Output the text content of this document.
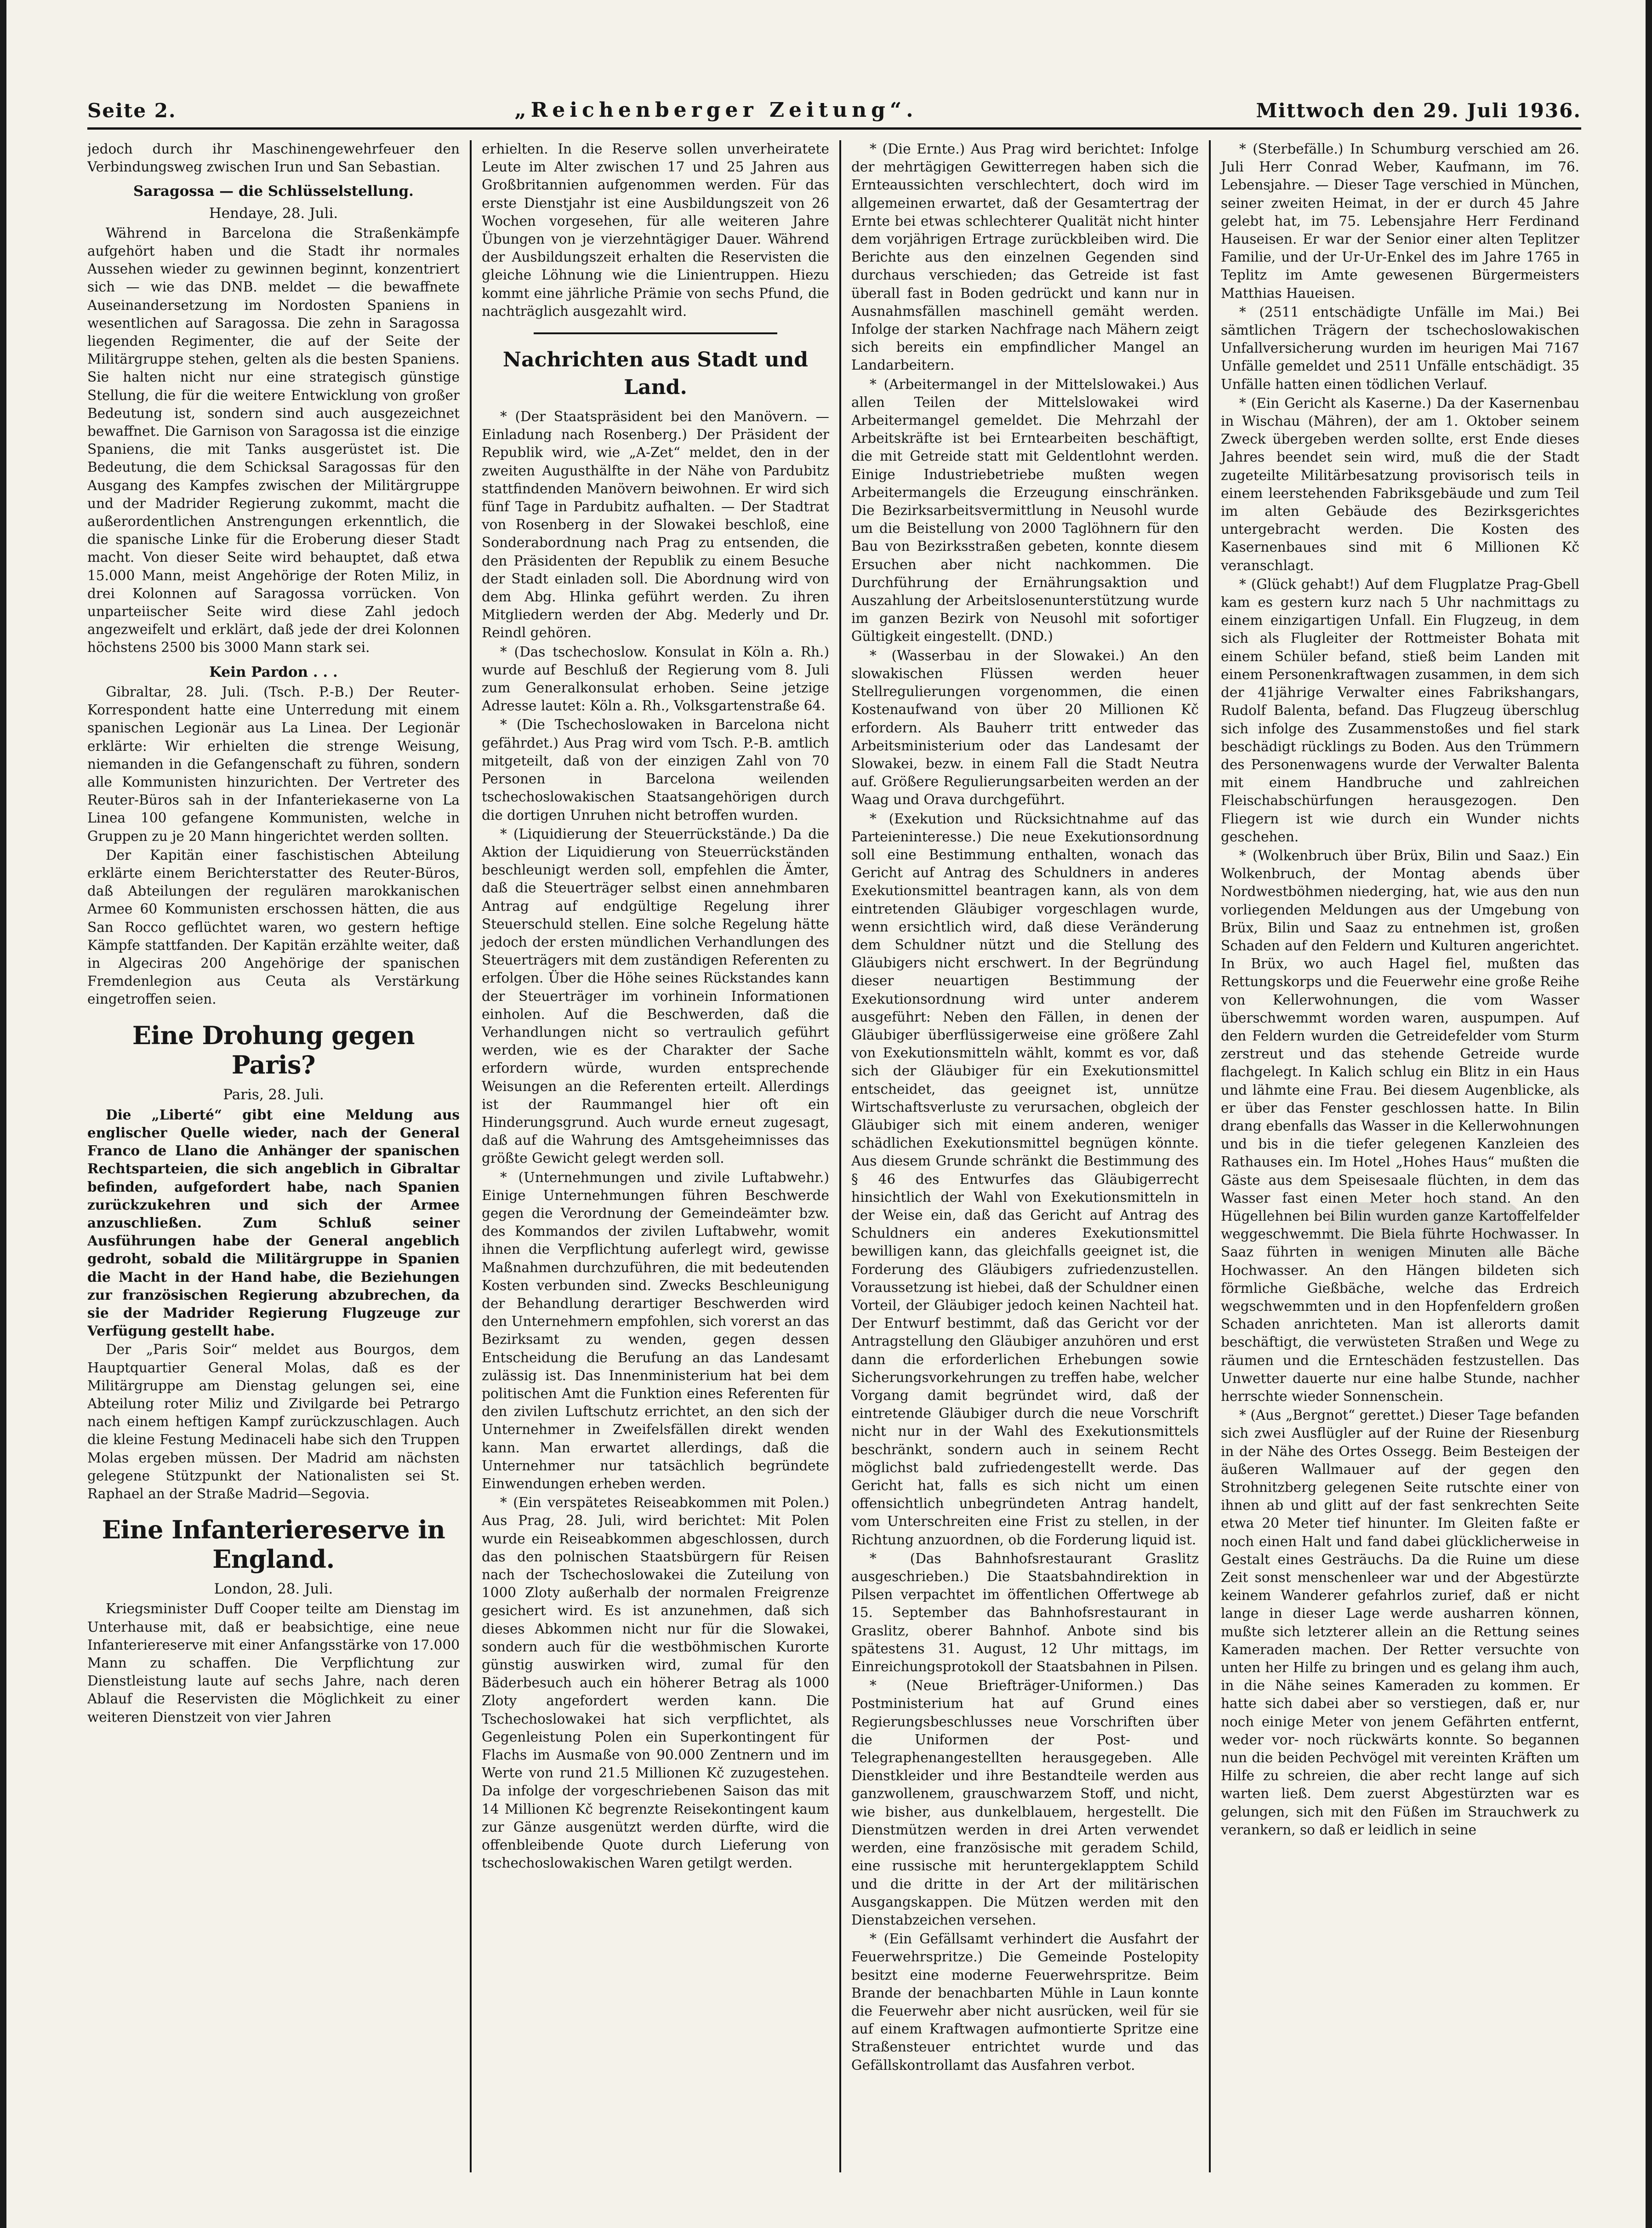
Seite 2.	„Reichenberger Zeitung“.	Mittwoch den 29. Juli 1936.

jedoch durch ihr Maschinengewehrfeuer den Verbindungsweg zwischen Irun und San Sebastian.

Saragossa — die Schlüsselstellung.
Hendaye, 28. Juli.

Während in Barcelona die Straßenkämpfe aufgehört haben und die Stadt ihr normales Aussehen wieder zu gewinnen beginnt, konzentriert sich — wie das DNB. meldet — die bewaffnete Auseinandersetzung im Nordosten Spaniens in wesentlichen auf Saragossa. Die zehn in Saragossa liegenden Regimenter, die auf der Seite der Militärgruppe stehen, gelten als die besten Spaniens. Sie halten nicht nur eine strategisch günstige Stellung, die für die weitere Entwicklung von großer Bedeutung ist, sondern sind auch ausgezeichnet bewaffnet. Die Garnison von Saragossa ist die einzige Spaniens, die mit Tanks ausgerüstet ist. Die Bedeutung, die dem Schicksal Saragossas für den Ausgang des Kampfes zwischen der Militärgruppe und der Madrider Regierung zukommt, macht die außerordentlichen Anstrengungen erkenntlich, die die spanische Linke für die Eroberung dieser Stadt macht. Von dieser Seite wird behauptet, daß etwa 15.000 Mann, meist Angehörige der Roten Miliz, in drei Kolonnen auf Saragossa vorrücken. Von unparteiischer Seite wird diese Zahl jedoch angezweifelt und erklärt, daß jede der drei Kolonnen höchstens 2500 bis 3000 Mann stark sei.

Kein Pardon . . .

Gibraltar, 28. Juli. (Tsch. P.-B.) Der Reuter-Korrespondent hatte eine Unterredung mit einem spanischen Legionär aus La Linea. Der Legionär erklärte: Wir erhielten die strenge Weisung, niemanden in die Gefangenschaft zu führen, sondern alle Kommunisten hinzurichten. Der Vertreter des Reuter-Büros sah in der Infanteriekaserne von La Linea 100 gefangene Kommunisten, welche in Gruppen zu je 20 Mann hingerichtet werden sollten.

Der Kapitän einer faschistischen Abteilung erklärte einem Berichterstatter des Reuter-Büros, daß Abteilungen der regulären marokkanischen Armee 60 Kommunisten erschossen hätten, die aus San Rocco geflüchtet waren, wo gestern heftige Kämpfe stattfanden. Der Kapitän erzählte weiter, daß in Algeciras 200 Angehörige der spanischen Fremdenlegion aus Ceuta als Verstärkung eingetroffen seien.

Eine Drohung gegen Paris?
Paris, 28. Juli.

Die „Liberté“ gibt eine Meldung aus englischer Quelle wieder, nach der General Franco de Llano die Anhänger der spanischen Rechtsparteien, die sich angeblich in Gibraltar befinden, aufgefordert habe, nach Spanien zurückzukehren und sich der Armee anzuschließen. Zum Schluß seiner Ausführungen habe der General angeblich gedroht, sobald die Militärgruppe in Spanien die Macht in der Hand habe, die Beziehungen zur französischen Regierung abzubrechen, da sie der Madrider Regierung Flugzeuge zur Verfügung gestellt habe.

Der „Paris Soir“ meldet aus Bourgos, dem Hauptquartier General Molas, daß es der Militärgruppe am Dienstag gelungen sei, eine Abteilung roter Miliz und Zivilgarde bei Petrargo nach einem heftigen Kampf zurückzuschlagen. Auch die kleine Festung Medinaceli habe sich den Truppen Molas ergeben müssen. Der Madrid am nächsten gelegene Stützpunkt der Nationalisten sei St. Raphael an der Straße Madrid—Segovia.

Eine Infanteriereserve in England.
London, 28. Juli.

Kriegsminister Duff Cooper teilte am Dienstag im Unterhause mit, daß er beabsichtige, eine neue Infanteriereserve mit einer Anfangsstärke von 17.000 Mann zu schaffen. Die Verpflichtung zur Dienstleistung laute auf sechs Jahre, nach deren Ablauf die Reservisten die Möglichkeit zu einer weiteren Dienstzeit von vier Jahren

erhielten. In die Reserve sollen unverheiratete Leute im Alter zwischen 17 und 25 Jahren aus Großbritannien aufgenommen werden. Für das erste Dienstjahr ist eine Ausbildungszeit von 26 Wochen vorgesehen, für alle weiteren Jahre Übungen von je vierzehntägiger Dauer. Während der Ausbildungszeit erhalten die Reservisten die gleiche Löhnung wie die Linientruppen. Hiezu kommt eine jährliche Prämie von sechs Pfund, die nachträglich ausgezahlt wird.

Nachrichten aus Stadt und Land.

* (Der Staatspräsident bei den Manövern. — Einladung nach Rosenberg.) Der Präsident der Republik wird, wie „A-Zet“ meldet, den in der zweiten Augusthälfte in der Nähe von Pardubitz stattfindenden Manövern beiwohnen. Er wird sich fünf Tage in Pardubitz aufhalten. — Der Stadtrat von Rosenberg in der Slowakei beschloß, eine Sonderabordnung nach Prag zu entsenden, die den Präsidenten der Republik zu einem Besuche der Stadt einladen soll. Die Abordnung wird von dem Abg. Hlinka geführt werden. Zu ihren Mitgliedern werden der Abg. Mederly und Dr. Reindl gehören.

* (Das tschechoslow. Konsulat in Köln a. Rh.) wurde auf Beschluß der Regierung vom 8. Juli zum Generalkonsulat erhoben. Seine jetzige Adresse lautet: Köln a. Rh., Volksgartenstraße 64.

* (Die Tschechoslowaken in Barcelona nicht gefährdet.) Aus Prag wird vom Tsch. P.-B. amtlich mitgeteilt, daß von der einzigen Zahl von 70 Personen in Barcelona weilenden tschechoslowakischen Staatsangehörigen durch die dortigen Unruhen nicht betroffen wurden.

* (Liquidierung der Steuerrückstände.) Da die Aktion der Liquidierung von Steuerrückständen beschleunigt werden soll, empfehlen die Ämter, daß die Steuerträger selbst einen annehmbaren Antrag auf endgültige Regelung ihrer Steuerschuld stellen. Eine solche Regelung hätte jedoch der ersten mündlichen Verhandlungen des Steuerträgers mit dem zuständigen Referenten zu erfolgen. Über die Höhe seines Rückstandes kann der Steuerträger im vorhinein Informationen einholen. Auf die Beschwerden, daß die Verhandlungen nicht so vertraulich geführt werden, wie es der Charakter der Sache erfordern würde, wurden entsprechende Weisungen an die Referenten erteilt. Allerdings ist der Raummangel hier oft ein Hinderungsgrund. Auch wurde erneut zugesagt, daß auf die Wahrung des Amtsgeheimnisses das größte Gewicht gelegt werden soll.

* (Unternehmungen und zivile Luftabwehr.) Einige Unternehmungen führen Beschwerde gegen die Verordnung der Gemeindeämter bzw. des Kommandos der zivilen Luftabwehr, womit ihnen die Verpflichtung auferlegt wird, gewisse Maßnahmen durchzuführen, die mit bedeutenden Kosten verbunden sind. Zwecks Beschleunigung der Behandlung derartiger Beschwerden wird den Unternehmern empfohlen, sich vorerst an das Bezirksamt zu wenden, gegen dessen Entscheidung die Berufung an das Landesamt zulässig ist. Das Innenministerium hat bei dem politischen Amt die Funktion eines Referenten für den zivilen Luftschutz errichtet, an den sich der Unternehmer in Zweifelsfällen direkt wenden kann. Man erwartet allerdings, daß die Unternehmer nur tatsächlich begründete Einwendungen erheben werden.

* (Ein verspätetes Reiseabkommen mit Polen.) Aus Prag, 28. Juli, wird berichtet: Mit Polen wurde ein Reiseabkommen abgeschlossen, durch das den polnischen Staatsbürgern für Reisen nach der Tschechoslowakei die Zuteilung von 1000 Zloty außerhalb der normalen Freigrenze gesichert wird. Es ist anzunehmen, daß sich dieses Abkommen nicht nur für die Slowakei, sondern auch für die westböhmischen Kurorte günstig auswirken wird, zumal für den Bäderbesuch auch ein höherer Betrag als 1000 Zloty angefordert werden kann. Die Tschechoslowakei hat sich verpflichtet, als Gegenleistung Polen ein Superkontingent für Flachs im Ausmaße von 90.000 Zentnern und im Werte von rund 21.5 Millionen Kč zuzugestehen. Da infolge der vorgeschriebenen Saison das mit 14 Millionen Kč begrenzte Reisekontingent kaum zur Gänze ausgenützt werden dürfte, wird die offenbleibende Quote durch Lieferung von tschechoslowakischen Waren getilgt werden.

* (Die Ernte.) Aus Prag wird berichtet: Infolge der mehrtägigen Gewitterregen haben sich die Ernteaussichten verschlechtert, doch wird im allgemeinen erwartet, daß der Gesamtertrag der Ernte bei etwas schlechterer Qualität nicht hinter dem vorjährigen Ertrage zurückbleiben wird. Die Berichte aus den einzelnen Gegenden sind durchaus verschieden; das Getreide ist fast überall fast in Boden gedrückt und kann nur in Ausnahmsfällen maschinell gemäht werden. Infolge der starken Nachfrage nach Mähern zeigt sich bereits ein empfindlicher Mangel an Landarbeitern.

* (Arbeitermangel in der Mittelslowakei.) Aus allen Teilen der Mittelslowakei wird Arbeitermangel gemeldet. Die Mehrzahl der Arbeitskräfte ist bei Erntearbeiten beschäftigt, die mit Getreide statt mit Geldentlohnt werden. Einige Industriebetriebe mußten wegen Arbeitermangels die Erzeugung einschränken. Die Bezirksarbeitsvermittlung in Neusohl wurde um die Beistellung von 2000 Taglöhnern für den Bau von Bezirksstraßen gebeten, konnte diesem Ersuchen aber nicht nachkommen. Die Durchführung der Ernährungsaktion und Auszahlung der Arbeitslosenunterstützung wurde im ganzen Bezirk von Neusohl mit sofortiger Gültigkeit eingestellt. (DND.)

* (Wasserbau in der Slowakei.) An den slowakischen Flüssen werden heuer Stellregulierungen vorgenommen, die einen Kostenaufwand von über 20 Millionen Kč erfordern. Als Bauherr tritt entweder das Arbeitsministerium oder das Landesamt der Slowakei, bezw. in einem Fall die Stadt Neutra auf. Größere Regulierungsarbeiten werden an der Waag und Orava durchgeführt.

* (Exekution und Rücksichtnahme auf das Parteieninteresse.) Die neue Exekutionsordnung soll eine Bestimmung enthalten, wonach das Gericht auf Antrag des Schuldners in anderes Exekutionsmittel beantragen kann, als von dem eintretenden Gläubiger vorgeschlagen wurde, wenn ersichtlich wird, daß diese Veränderung dem Schuldner nützt und die Stellung des Gläubigers nicht erschwert. In der Begründung dieser neuartigen Bestimmung der Exekutionsordnung wird unter anderem ausgeführt: Neben den Fällen, in denen der Gläubiger überflüssigerweise eine größere Zahl von Exekutionsmitteln wählt, kommt es vor, daß sich der Gläubiger für ein Exekutionsmittel entscheidet, das geeignet ist, unnütze Wirtschaftsverluste zu verursachen, obgleich der Gläubiger sich mit einem anderen, weniger schädlichen Exekutionsmittel begnügen könnte. Aus diesem Grunde schränkt die Bestimmung des § 46 des Entwurfes das Gläubigerrecht hinsichtlich der Wahl von Exekutionsmitteln in der Weise ein, daß das Gericht auf Antrag des Schuldners ein anderes Exekutionsmittel bewilligen kann, das gleichfalls geeignet ist, die Forderung des Gläubigers zufriedenzustellen. Voraussetzung ist hiebei, daß der Schuldner einen Vorteil, der Gläubiger jedoch keinen Nachteil hat. Der Entwurf bestimmt, daß das Gericht vor der Antragstellung den Gläubiger anzuhören und erst dann die erforderlichen Erhebungen sowie Sicherungsvorkehrungen zu treffen habe, welcher Vorgang damit begründet wird, daß der eintretende Gläubiger durch die neue Vorschrift nicht nur in der Wahl des Exekutionsmittels beschränkt, sondern auch in seinem Recht möglichst bald zufriedengestellt werde. Das Gericht hat, falls es sich nicht um einen offensichtlich unbegründeten Antrag handelt, vom Unterschreiten eine Frist zu stellen, in der Richtung anzuordnen, ob die Forderung liquid ist.

* (Das Bahnhofsrestaurant Graslitz ausgeschrieben.) Die Staatsbahndirektion in Pilsen verpachtet im öffentlichen Offertwege ab 15. September das Bahnhofsrestaurant in Graslitz, oberer Bahnhof. Anbote sind bis spätestens 31. August, 12 Uhr mittags, im Einreichungsprotokoll der Staatsbahnen in Pilsen.

* (Neue Briefträger-Uniformen.) Das Postministerium hat auf Grund eines Regierungsbeschlusses neue Vorschriften über die Uniformen der Post- und Telegraphenangestellten herausgegeben. Alle Dienstkleider und ihre Bestandteile werden aus ganzwollenem, grauschwarzem Stoff, und nicht, wie bisher, aus dunkelblauem, hergestellt. Die Dienstmützen werden in drei Arten verwendet werden, eine französische mit geradem Schild, eine russische mit heruntergeklapptem Schild und die dritte in der Art der militärischen Ausgangskappen. Die Mützen werden mit den Dienstabzeichen versehen.

* (Ein Gefällsamt verhindert die Ausfahrt der Feuerwehrspritze.) Die Gemeinde Postelopity besitzt eine moderne Feuerwehrspritze. Beim Brande der benachbarten Mühle in Laun konnte die Feuerwehr aber nicht ausrücken, weil für sie auf einem Kraftwagen aufmontierte Spritze eine Straßensteuer entrichtet wurde und das Gefällskontrollamt das Ausfahren verbot.

* (Sterbefälle.) In Schumburg verschied am 26. Juli Herr Conrad Weber, Kaufmann, im 76. Lebensjahre. — Dieser Tage verschied in München, seiner zweiten Heimat, in der er durch 45 Jahre gelebt hat, im 75. Lebensjahre Herr Ferdinand Hauseisen. Er war der Senior einer alten Teplitzer Familie, und der Ur-Ur-Enkel des im Jahre 1765 in Teplitz im Amte gewesenen Bürgermeisters Matthias Haueisen.

* (2511 entschädigte Unfälle im Mai.) Bei sämtlichen Trägern der tschechoslowakischen Unfallversicherung wurden im heurigen Mai 7167 Unfälle gemeldet und 2511 Unfälle entschädigt. 35 Unfälle hatten einen tödlichen Verlauf.

* (Ein Gericht als Kaserne.) Da der Kasernenbau in Wischau (Mähren), der am 1. Oktober seinem Zweck übergeben werden sollte, erst Ende dieses Jahres beendet sein wird, muß die der Stadt zugeteilte Militärbesatzung provisorisch teils in einem leerstehenden Fabriksgebäude und zum Teil im alten Gebäude des Bezirksgerichtes untergebracht werden. Die Kosten des Kasernenbaues sind mit 6 Millionen Kč veranschlagt.

* (Glück gehabt!) Auf dem Flugplatze Prag-Gbell kam es gestern kurz nach 5 Uhr nachmittags zu einem einzigartigen Unfall. Ein Flugzeug, in dem sich als Flugleiter der Rottmeister Bohata mit einem Schüler befand, stieß beim Landen mit einem Personenkraftwagen zusammen, in dem sich der 41jährige Verwalter eines Fabrikshangars, Rudolf Balenta, befand. Das Flugzeug überschlug sich infolge des Zusammenstoßes und fiel stark beschädigt rücklings zu Boden. Aus den Trümmern des Personenwagens wurde der Verwalter Balenta mit einem Handbruche und zahlreichen Fleischabschürfungen herausgezogen. Den Fliegern ist wie durch ein Wunder nichts geschehen.

* (Wolkenbruch über Brüx, Bilin und Saaz.) Ein Wolkenbruch, der Montag abends über Nordwestböhmen niederging, hat, wie aus den nun vorliegenden Meldungen aus der Umgebung von Brüx, Bilin und Saaz zu entnehmen ist, großen Schaden auf den Feldern und Kulturen angerichtet. In Brüx, wo auch Hagel fiel, mußten das Rettungskorps und die Feuerwehr eine große Reihe von Kellerwohnungen, die vom Wasser überschwemmt worden waren, auspumpen. Auf den Feldern wurden die Getreidefelder vom Sturm zerstreut und das stehende Getreide wurde flachgelegt. In Kalich schlug ein Blitz in ein Haus und lähmte eine Frau. Bei diesem Augenblicke, als er über das Fenster geschlossen hatte. In Bilin drang ebenfalls das Wasser in die Kellerwohnungen und bis in die tiefer gelegenen Kanzleien des Rathauses ein. Im Hotel „Hohes Haus“ mußten die Gäste aus dem Speisesaale flüchten, in dem das Wasser fast einen Meter hoch stand. An den Hügellehnen bei Bilin wurden ganze Kartoffelfelder weggeschwemmt. Die Biela führte Hochwasser. In Saaz führten in wenigen Minuten alle Bäche Hochwasser. An den Hängen bildeten sich förmliche Gießbäche, welche das Erdreich wegschwemmten und in den Hopfenfeldern großen Schaden anrichteten. Man ist allerorts damit beschäftigt, die verwüsteten Straßen und Wege zu räumen und die Ernteschäden festzustellen. Das Unwetter dauerte nur eine halbe Stunde, nachher herrschte wieder Sonnenschein.

* (Aus „Bergnot“ gerettet.) Dieser Tage befanden sich zwei Ausflügler auf der Ruine der Riesenburg in der Nähe des Ortes Ossegg. Beim Besteigen der äußeren Wallmauer auf der gegen den Strohnitzberg gelegenen Seite rutschte einer von ihnen ab und glitt auf der fast senkrechten Seite etwa 20 Meter tief hinunter. Im Gleiten faßte er noch einen Halt und fand dabei glücklicherweise in Gestalt eines Gesträuchs. Da die Ruine um diese Zeit sonst menschenleer war und der Abgestürzte keinem Wanderer gefahrlos zurief, daß er nicht lange in dieser Lage werde ausharren können, mußte sich letzterer allein an die Rettung seines Kameraden machen. Der Retter versuchte von unten her Hilfe zu bringen und es gelang ihm auch, in die Nähe seines Kameraden zu kommen. Er hatte sich dabei aber so verstiegen, daß er, nur noch einige Meter von jenem Gefährten entfernt, weder vor- noch rückwärts konnte. So begannen nun die beiden Pechvögel mit vereinten Kräften um Hilfe zu schreien, die aber recht lange auf sich warten ließ. Dem zuerst Abgestürzten war es gelungen, sich mit den Füßen im Strauchwerk zu verankern, so daß er leidlich in seine
